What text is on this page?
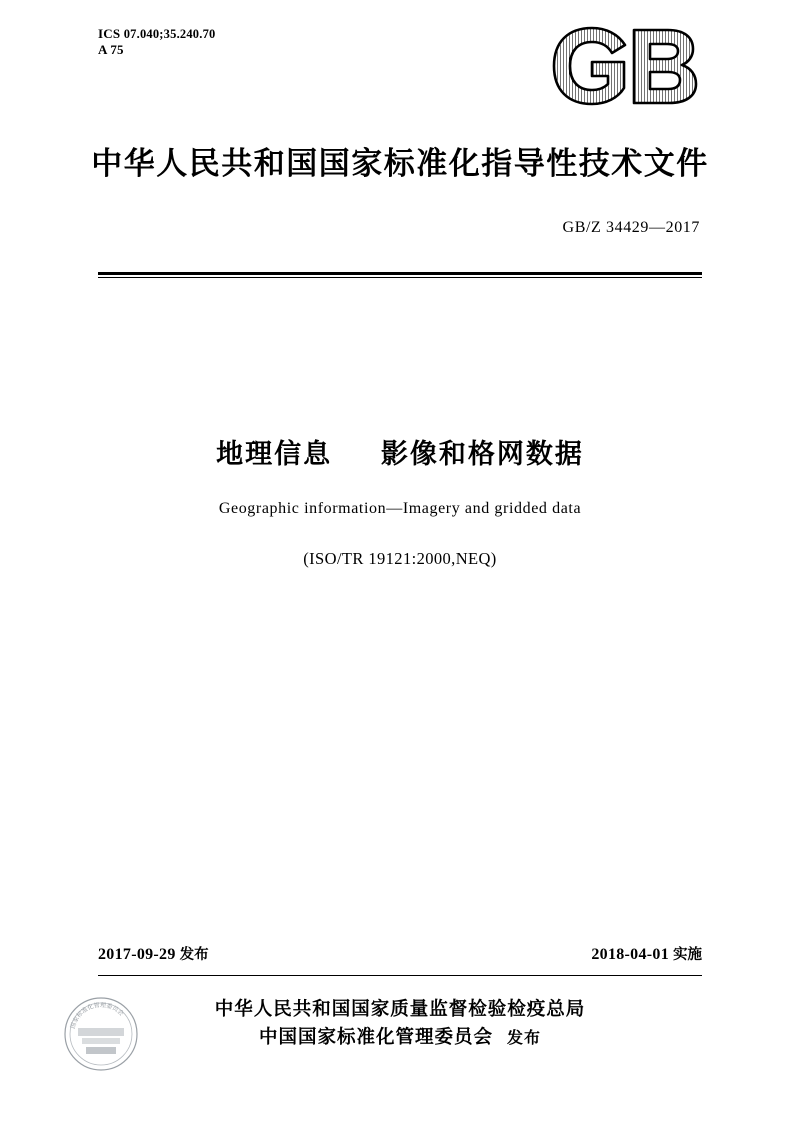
ICS 07.040;35.240.70
A 75
中华人民共和国国家标准化指导性技术文件
GB/Z 34429—2017
地理信息 影像和格网数据
Geographic information—Imagery and gridded data
(ISO/TR 19121:2000,NEQ)
2017-09-29 发布	2018-04-01 实施
中华人民共和国国家质量监督检验检疫总局
中国国家标准化管理委员会 发布
国家标准化管理委员会
